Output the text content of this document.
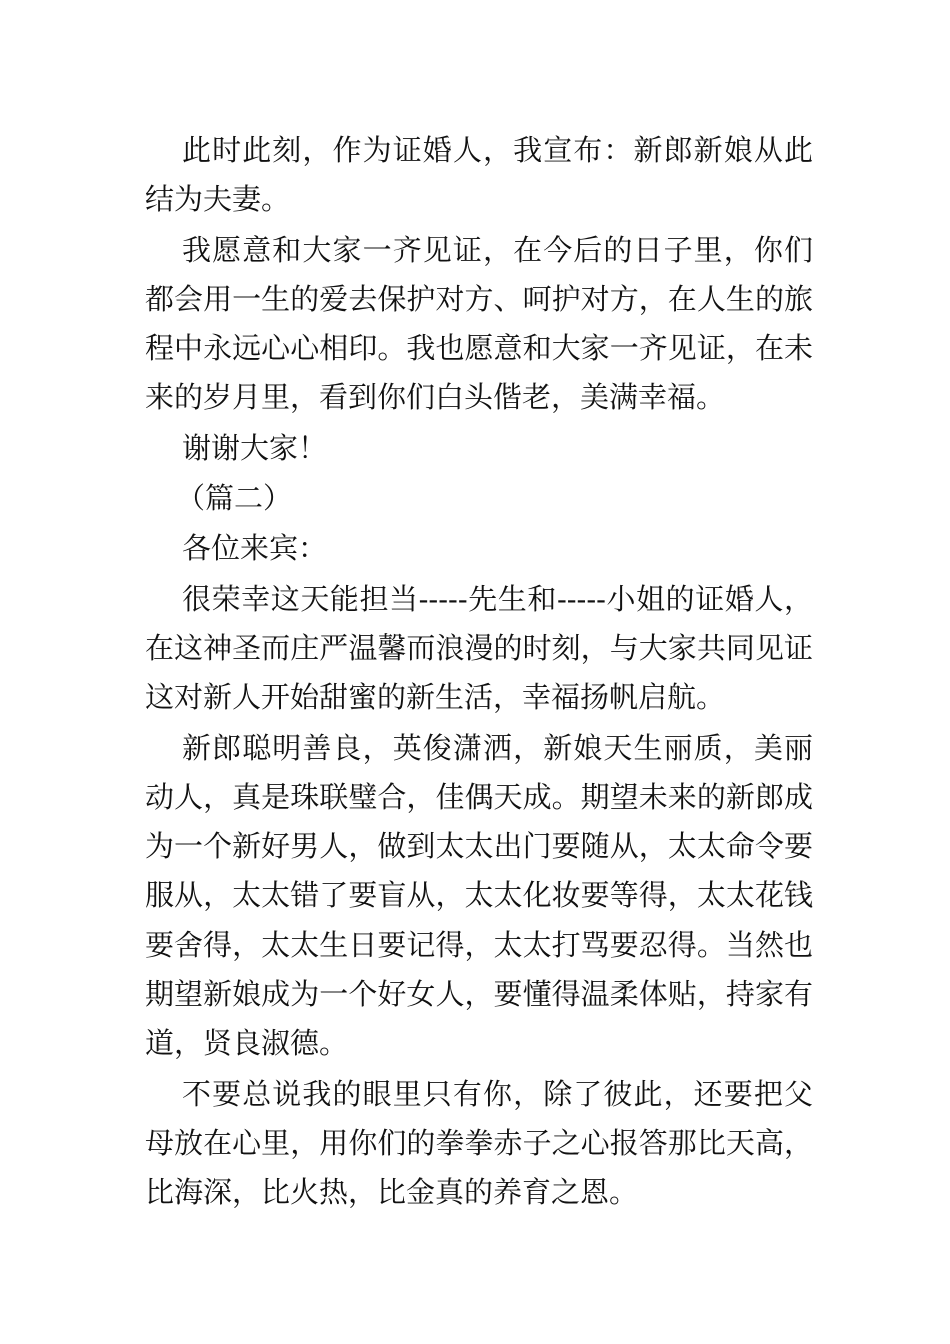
此时此刻，作为证婚人，我宣布：新郎新娘从此结为夫妻。

我愿意和大家一齐见证，在今后的日子里，你们都会用一生的爱去保护对方、呵护对方，在人生的旅程中永远心心相印。我也愿意和大家一齐见证，在未来的岁月里，看到你们白头偕老，美满幸福。

谢谢大家！

（篇二）

各位来宾：

很荣幸这天能担当-----先生和-----小姐的证婚人，在这神圣而庄严温馨而浪漫的时刻，与大家共同见证这对新人开始甜蜜的新生活，幸福扬帆启航。

新郎聪明善良，英俊潇洒，新娘天生丽质，美丽动人，真是珠联璧合，佳偶天成。期望未来的新郎成为一个新好男人，做到太太出门要随从，太太命令要服从，太太错了要盲从，太太化妆要等得，太太花钱要舍得，太太生日要记得，太太打骂要忍得。当然也期望新娘成为一个好女人，要懂得温柔体贴，持家有道，贤良淑德。

不要总说我的眼里只有你，除了彼此，还要把父母放在心里，用你们的拳拳赤子之心报答那比天高，比海深，比火热，比金真的养育之恩。
